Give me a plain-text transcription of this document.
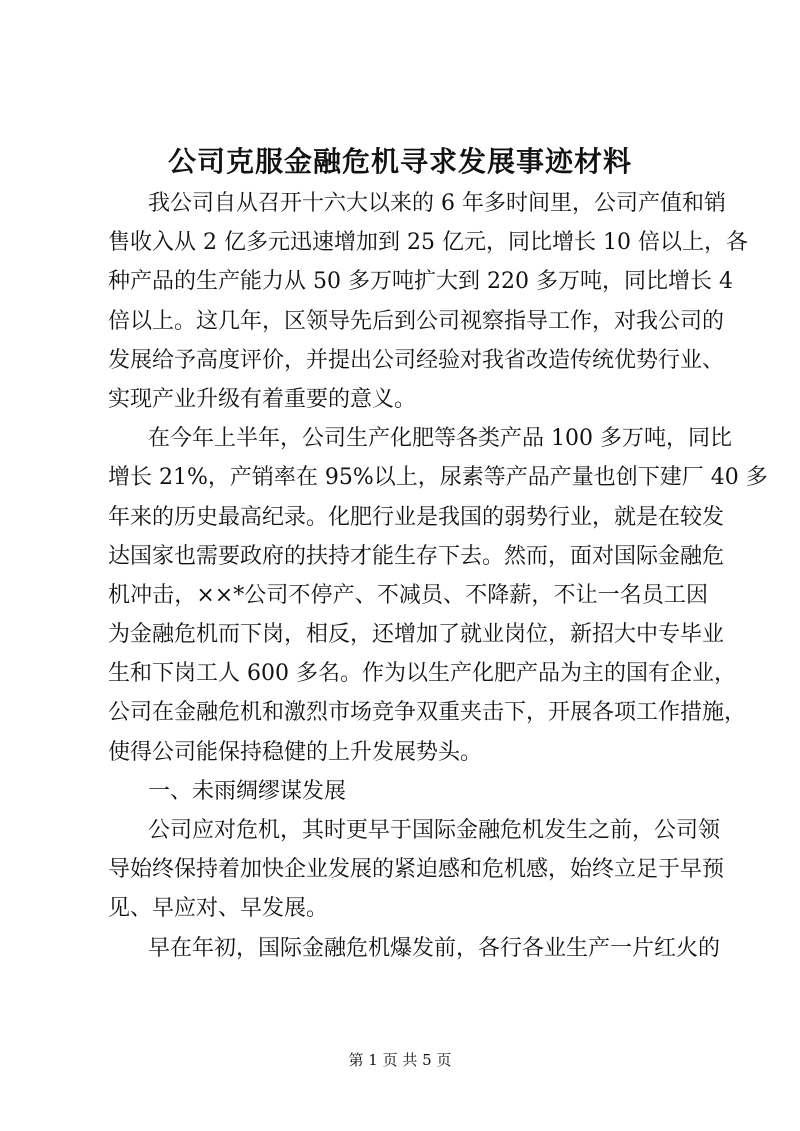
公司克服金融危机寻求发展事迹材料
我公司自从召开十六大以来的 6 年多时间里，公司产值和销
售收入从 2 亿多元迅速增加到 25 亿元，同比增长 10 倍以上，各
种产品的生产能力从 50 多万吨扩大到 220 多万吨，同比增长 4
倍以上。这几年，区领导先后到公司视察指导工作，对我公司的
发展给予高度评价，并提出公司经验对我省改造传统优势行业、
实现产业升级有着重要的意义。
在今年上半年，公司生产化肥等各类产品 100 多万吨，同比
增长 21%，产销率在 95%以上，尿素等产品产量也创下建厂 40 多
年来的历史最高纪录。化肥行业是我国的弱势行业，就是在较发
达国家也需要政府的扶持才能生存下去。然而，面对国际金融危
机冲击，××*公司不停产、不减员、不降薪，不让一名员工因
为金融危机而下岗，相反，还增加了就业岗位，新招大中专毕业
生和下岗工人 600 多名。作为以生产化肥产品为主的国有企业，
公司在金融危机和激烈市场竞争双重夹击下，开展各项工作措施，
使得公司能保持稳健的上升发展势头。
一、未雨绸缪谋发展
公司应对危机，其时更早于国际金融危机发生之前，公司领
导始终保持着加快企业发展的紧迫感和危机感，始终立足于早预
见、早应对、早发展。
早在年初，国际金融危机爆发前，各行各业生产一片红火的
第 1 页 共 5 页
